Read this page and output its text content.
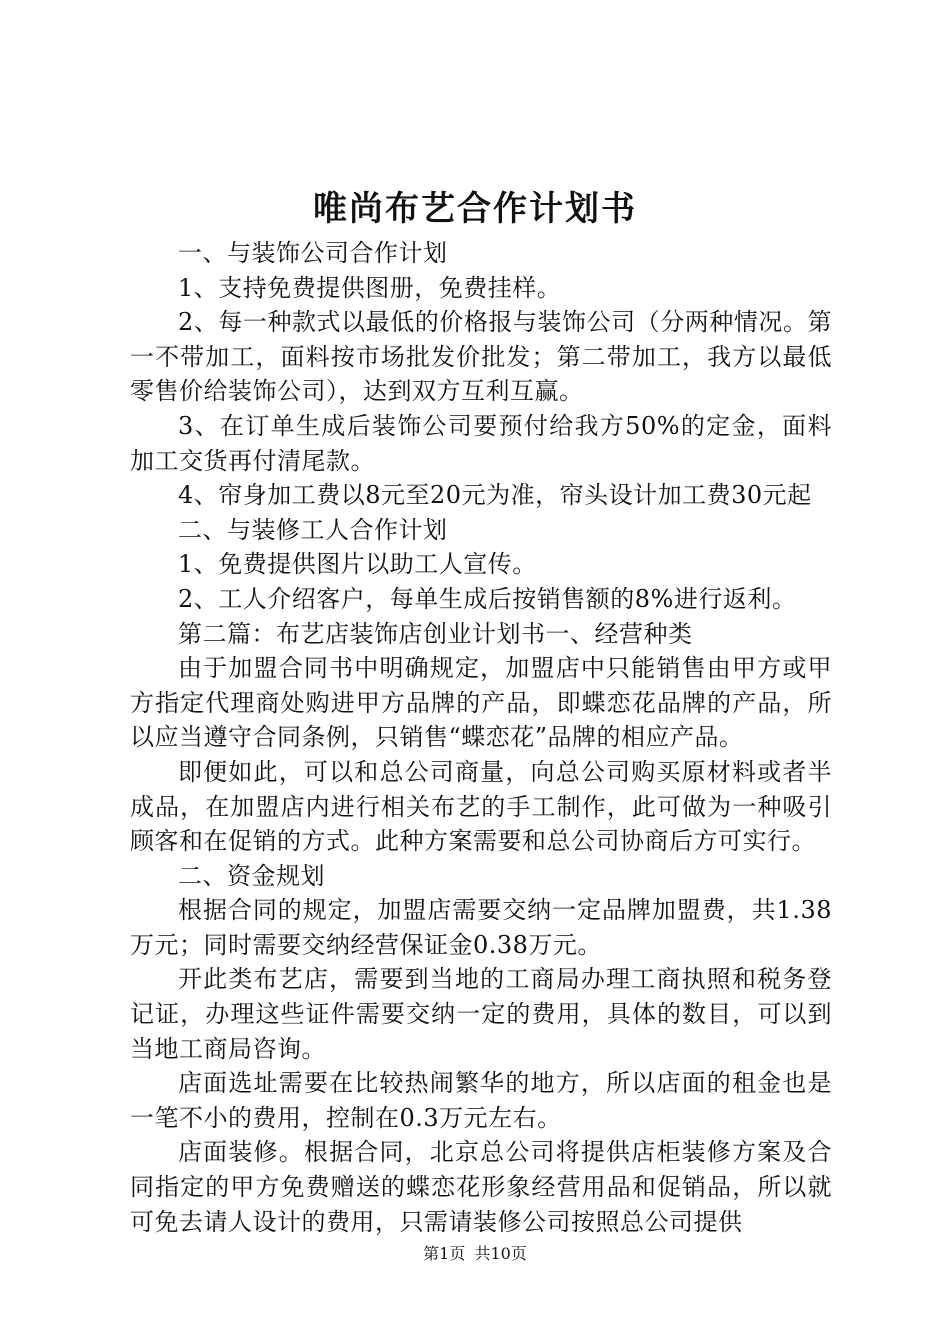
唯尚布艺合作计划书

一、与装饰公司合作计划

1、支持免费提供图册，免费挂样。

2、每一种款式以最低的价格报与装饰公司（分两种情况。第一不带加工，面料按市场批发价批发；第二带加工，我方以最低零售价给装饰公司），达到双方互利互赢。

3、在订单生成后装饰公司要预付给我方50%的定金，面料加工交货再付清尾款。

4、帘身加工费以8元至20元为准，帘头设计加工费30元起

二、与装修工人合作计划

1、免费提供图片以助工人宣传。

2、工人介绍客户，每单生成后按销售额的8%进行返利。

第二篇：布艺店装饰店创业计划书一、经营种类

由于加盟合同书中明确规定，加盟店中只能销售由甲方或甲方指定代理商处购进甲方品牌的产品，即蝶恋花品牌的产品，所以应当遵守合同条例，只销售“蝶恋花”品牌的相应产品。

即便如此，可以和总公司商量，向总公司购买原材料或者半成品，在加盟店内进行相关布艺的手工制作，此可做为一种吸引顾客和在促销的方式。此种方案需要和总公司协商后方可实行。

二、资金规划

根据合同的规定，加盟店需要交纳一定品牌加盟费，共1.38万元；同时需要交纳经营保证金0.38万元。

开此类布艺店，需要到当地的工商局办理工商执照和税务登记证，办理这些证件需要交纳一定的费用，具体的数目，可以到当地工商局咨询。

店面选址需要在比较热闹繁华的地方，所以店面的租金也是一笔不小的费用，控制在0.3万元左右。

店面装修。根据合同，北京总公司将提供店柜装修方案及合同指定的甲方免费赠送的蝶恋花形象经营用品和促销品，所以就可免去请人设计的费用，只需请装修公司按照总公司提供

第1页 共10页
